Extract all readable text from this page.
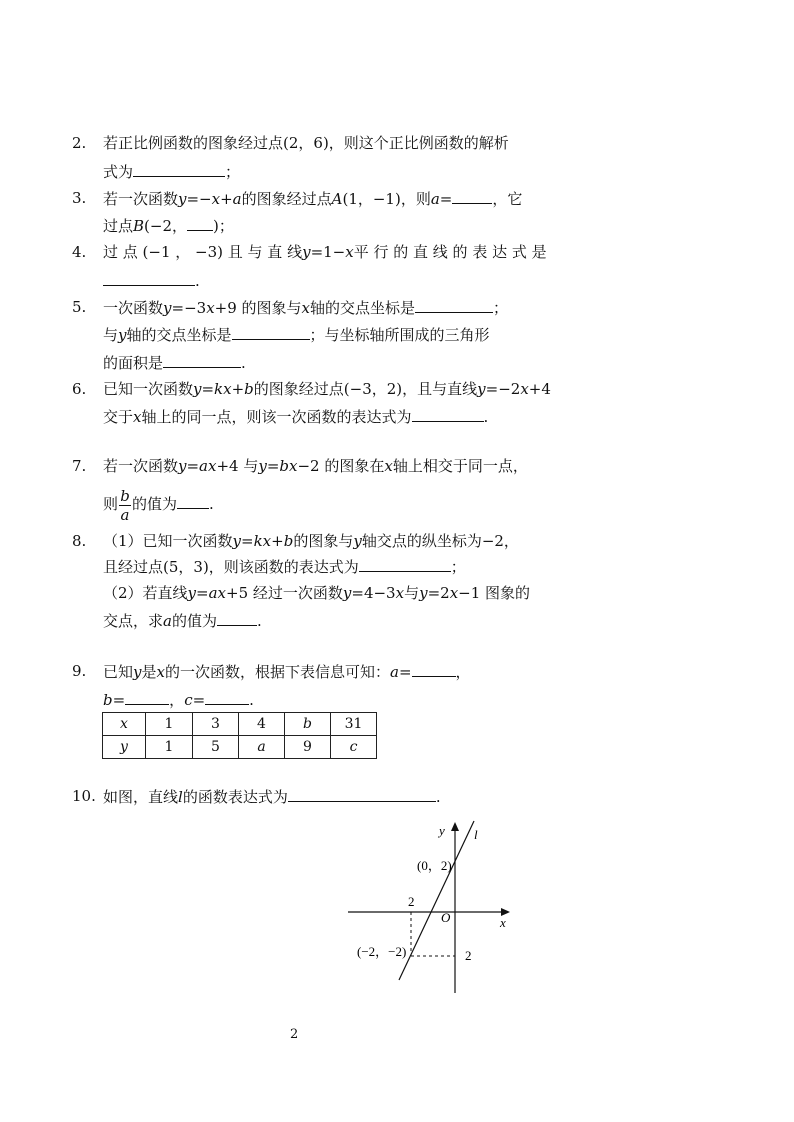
2. 若正比例函数的图象经过点(2，6)，则这个正比例函数的解析
式为	；
3. 若一次函数y=−x+a的图象经过点A(1，−1)，则a=	，它
过点B(−2， )；
4. 过 点 (−1 ， −3) 且 与 直 线y=1−x平 行 的 直 线 的 表 达 式 是
.
5. 一次函数y=−3x+9 的图象与x轴的交点坐标是	；
与y轴的交点坐标是	；与坐标轴所围成的三角形
的面积是	.
6. 已知一次函数y=kx+b的图象经过点(−3，2)，且与直线y=−2x+4
交于x轴上的同一点，则该一次函数的表达式为	.
7. 若一次函数y=ax+4 与y=bx−2 的图象在x轴上相交于同一点，
则 $\frac{b}{a}$ 的值为 .
8. （1）已知一次函数y=kx+b的图象与y轴交点的纵坐标为−2，
且经过点(5，3)，则该函数的表达式为	；
（2）若直线y=ax+5 经过一次函数y=4−3x与y=2x−1 图象的
交点，求a的值为	.
9. 已知y是x的一次函数，根据下表信息可知：a=	，
b=	，c=	.
x	1	3	4	b	31
y	1	5	a	9	c
10. 如图，直线l的函数表达式为	.
y
x
l
(0，2)
(−2，−2)
O
2
2
2
